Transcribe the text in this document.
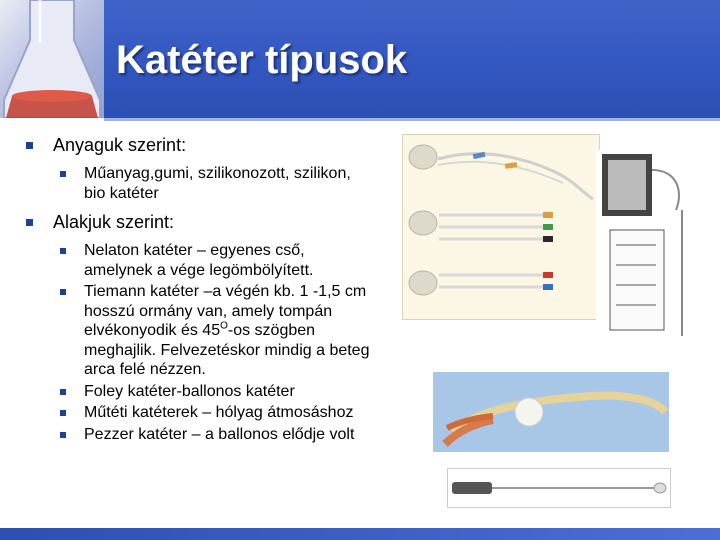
Katéter típusok
Anyaguk szerint:
Műanyag,gumi, szilikonozott, szilikon, bio katéter
Alakjuk szerint:
Nelaton katéter – egyenes cső, amelynek a vége legömbölyített.
Tiemann katéter –a végén kb. 1 -1,5 cm hosszú ormány van, amely tompán elvékonyodik és $45^O-os$ szögben meghajlik. Felvezetéskor mindig a beteg arca felé nézzen.
Foley katéter-ballonos katéter
Műtéti katéterek – hólyag átmosáshoz
Pezzer katéter – a ballonos elődje volt
